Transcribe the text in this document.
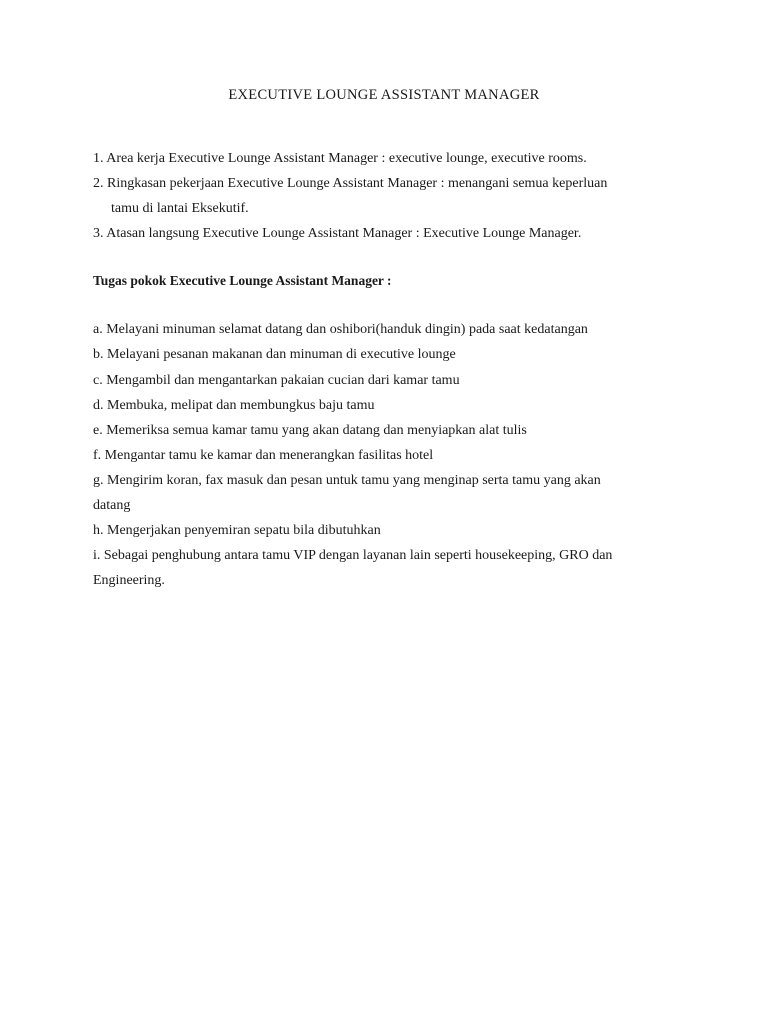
EXECUTIVE LOUNGE ASSISTANT MANAGER
1. Area kerja Executive Lounge Assistant Manager : executive lounge, executive rooms.
2. Ringkasan pekerjaan Executive Lounge Assistant Manager : menangani semua keperluan
tamu di lantai Eksekutif.
3. Atasan langsung Executive Lounge Assistant Manager : Executive Lounge Manager.
Tugas pokok Executive Lounge Assistant Manager :
a. Melayani minuman selamat datang dan oshibori(handuk dingin) pada saat kedatangan
b. Melayani pesanan makanan dan minuman di executive lounge
c. Mengambil dan mengantarkan pakaian cucian dari kamar tamu
d. Membuka, melipat dan membungkus baju tamu
e. Memeriksa semua kamar tamu yang akan datang dan menyiapkan alat tulis
f. Mengantar tamu ke kamar dan menerangkan fasilitas hotel
g. Mengirim koran, fax masuk dan pesan untuk tamu yang menginap serta tamu yang akan
datang
h. Mengerjakan penyemiran sepatu bila dibutuhkan
i. Sebagai penghubung antara tamu VIP dengan layanan lain seperti housekeeping, GRO dan
Engineering.
